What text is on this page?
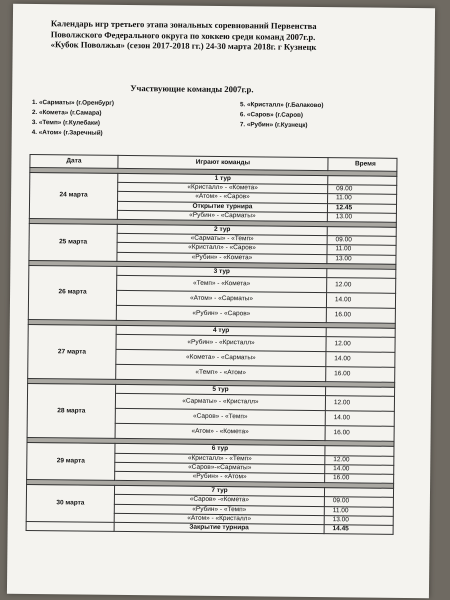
Календарь игр третьего этапа зональных соревнований Первенства
Поволжского Федерального округа по хоккею среди команд 2007г.р.
«Кубок Поволжья» (сезон 2017-2018 гг.) 24-30 марта 2018г. г Кузнецк
Участвующие команды 2007г.р.
1. «Сарматы» (г.Оренбург)
2. «Комета» (г.Самара)
3. «Темп» (г.Кулебаки)
4. «Атом» (г.Заречный)
5. «Кристалл» (г.Балаково)
6. «Саров» (г.Саров)
7. «Рубин» (г.Кузнецк)
Дата	Играют команды	Время

24 марта	1 тур	
	«Кристалл» - «Комета»	09.00
	«Атом» - «Саров»	11.00
	Открытие турнира	12.45
	«Рубин» - «Сарматы»	13.00

25 марта	2 тур	
	«Сарматы» - «Темп»	09.00
	«Кристалл» - «Саров»	11.00
	«Рубин» - «Комета»	13.00

26 марта	3 тур	
	«Темп» - «Комета»	12.00
	«Атом» - «Сарматы»	14.00
	«Рубин» - «Саров»	16.00

27 марта	4 тур	
	«Рубин» - «Кристалл»	12.00
	«Комета» - «Сарматы»	14.00
	«Темп» - «Атом»	16.00

28 марта	5 тур	
	«Сарматы» - «Кристалл»	12.00
	«Саров» - «Темп»	14.00
	«Атом» - «Комета»	16.00

29 марта	6 тур	
	«Кристалл» - «Темп»	12.00
	«Саров»-«Сарматы»	14.00
	«Рубин» - «Атом»	16.00

30 марта	7 тур	
	«Саров» -«Комета»	09.00
	«Рубин» - «Темп»	11.00
	«Атом» - «Кристалл»	13.00
	Закрытие турнира	14.45
